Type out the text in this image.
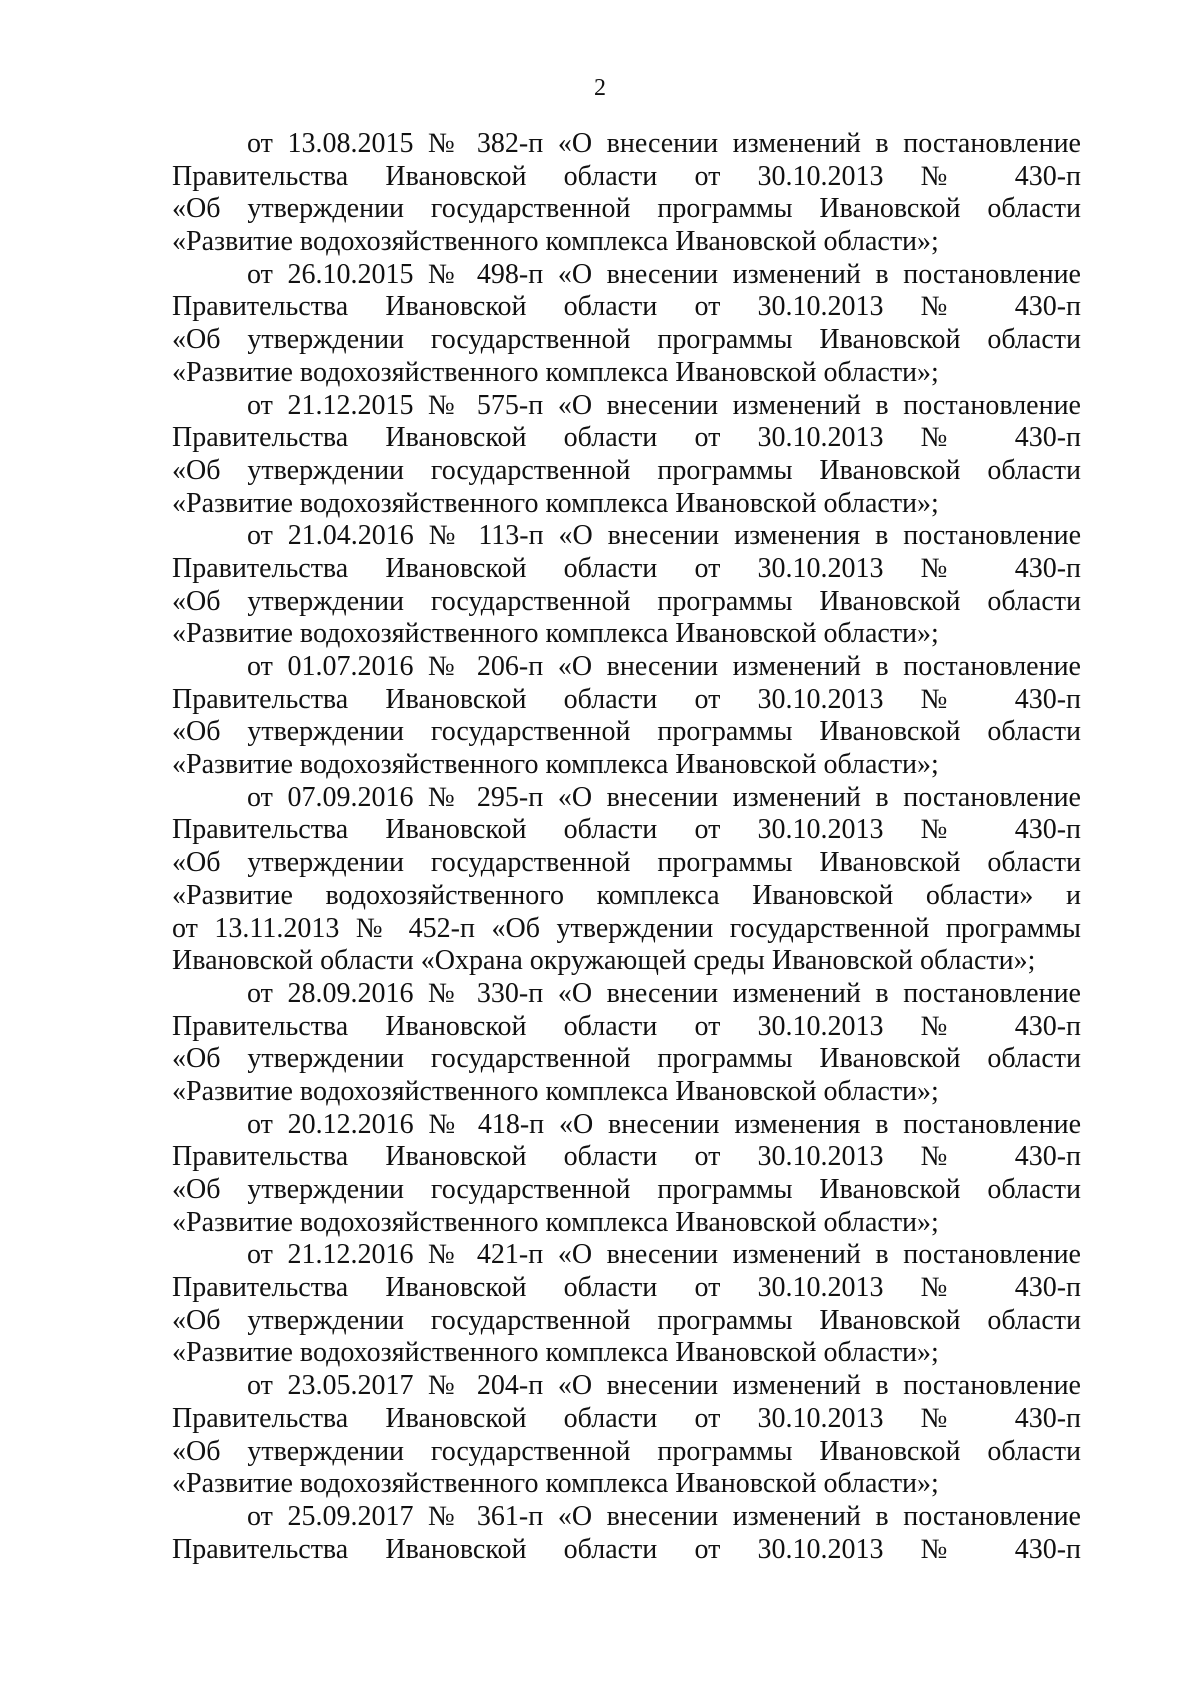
2
от 13.08.2015 № 382-п «О внесении изменений в постановление
Правительства Ивановской области от 30.10.2013 № 430-п
«Об утверждении государственной программы Ивановской области
«Развитие водохозяйственного комплекса Ивановской области»;
от 26.10.2015 № 498-п «О внесении изменений в постановление
Правительства Ивановской области от 30.10.2013 № 430-п
«Об утверждении государственной программы Ивановской области
«Развитие водохозяйственного комплекса Ивановской области»;
от 21.12.2015 № 575-п «О внесении изменений в постановление
Правительства Ивановской области от 30.10.2013 № 430-п
«Об утверждении государственной программы Ивановской области
«Развитие водохозяйственного комплекса Ивановской области»;
от 21.04.2016 № 113-п «О внесении изменения в постановление
Правительства Ивановской области от 30.10.2013 № 430-п
«Об утверждении государственной программы Ивановской области
«Развитие водохозяйственного комплекса Ивановской области»;
от 01.07.2016 № 206-п «О внесении изменений в постановление
Правительства Ивановской области от 30.10.2013 № 430-п
«Об утверждении государственной программы Ивановской области
«Развитие водохозяйственного комплекса Ивановской области»;
от 07.09.2016 № 295-п «О внесении изменений в постановление
Правительства Ивановской области от 30.10.2013 № 430-п
«Об утверждении государственной программы Ивановской области
«Развитие водохозяйственного комплекса Ивановской области» и
от 13.11.2013 № 452-п «Об утверждении государственной программы
Ивановской области «Охрана окружающей среды Ивановской области»;
от 28.09.2016 № 330-п «О внесении изменений в постановление
Правительства Ивановской области от 30.10.2013 № 430-п
«Об утверждении государственной программы Ивановской области
«Развитие водохозяйственного комплекса Ивановской области»;
от 20.12.2016 № 418-п «О внесении изменения в постановление
Правительства Ивановской области от 30.10.2013 № 430-п
«Об утверждении государственной программы Ивановской области
«Развитие водохозяйственного комплекса Ивановской области»;
от 21.12.2016 № 421-п «О внесении изменений в постановление
Правительства Ивановской области от 30.10.2013 № 430-п
«Об утверждении государственной программы Ивановской области
«Развитие водохозяйственного комплекса Ивановской области»;
от 23.05.2017 № 204-п «О внесении изменений в постановление
Правительства Ивановской области от 30.10.2013 № 430-п
«Об утверждении государственной программы Ивановской области
«Развитие водохозяйственного комплекса Ивановской области»;
от 25.09.2017 № 361-п «О внесении изменений в постановление
Правительства Ивановской области от 30.10.2013 № 430-п
